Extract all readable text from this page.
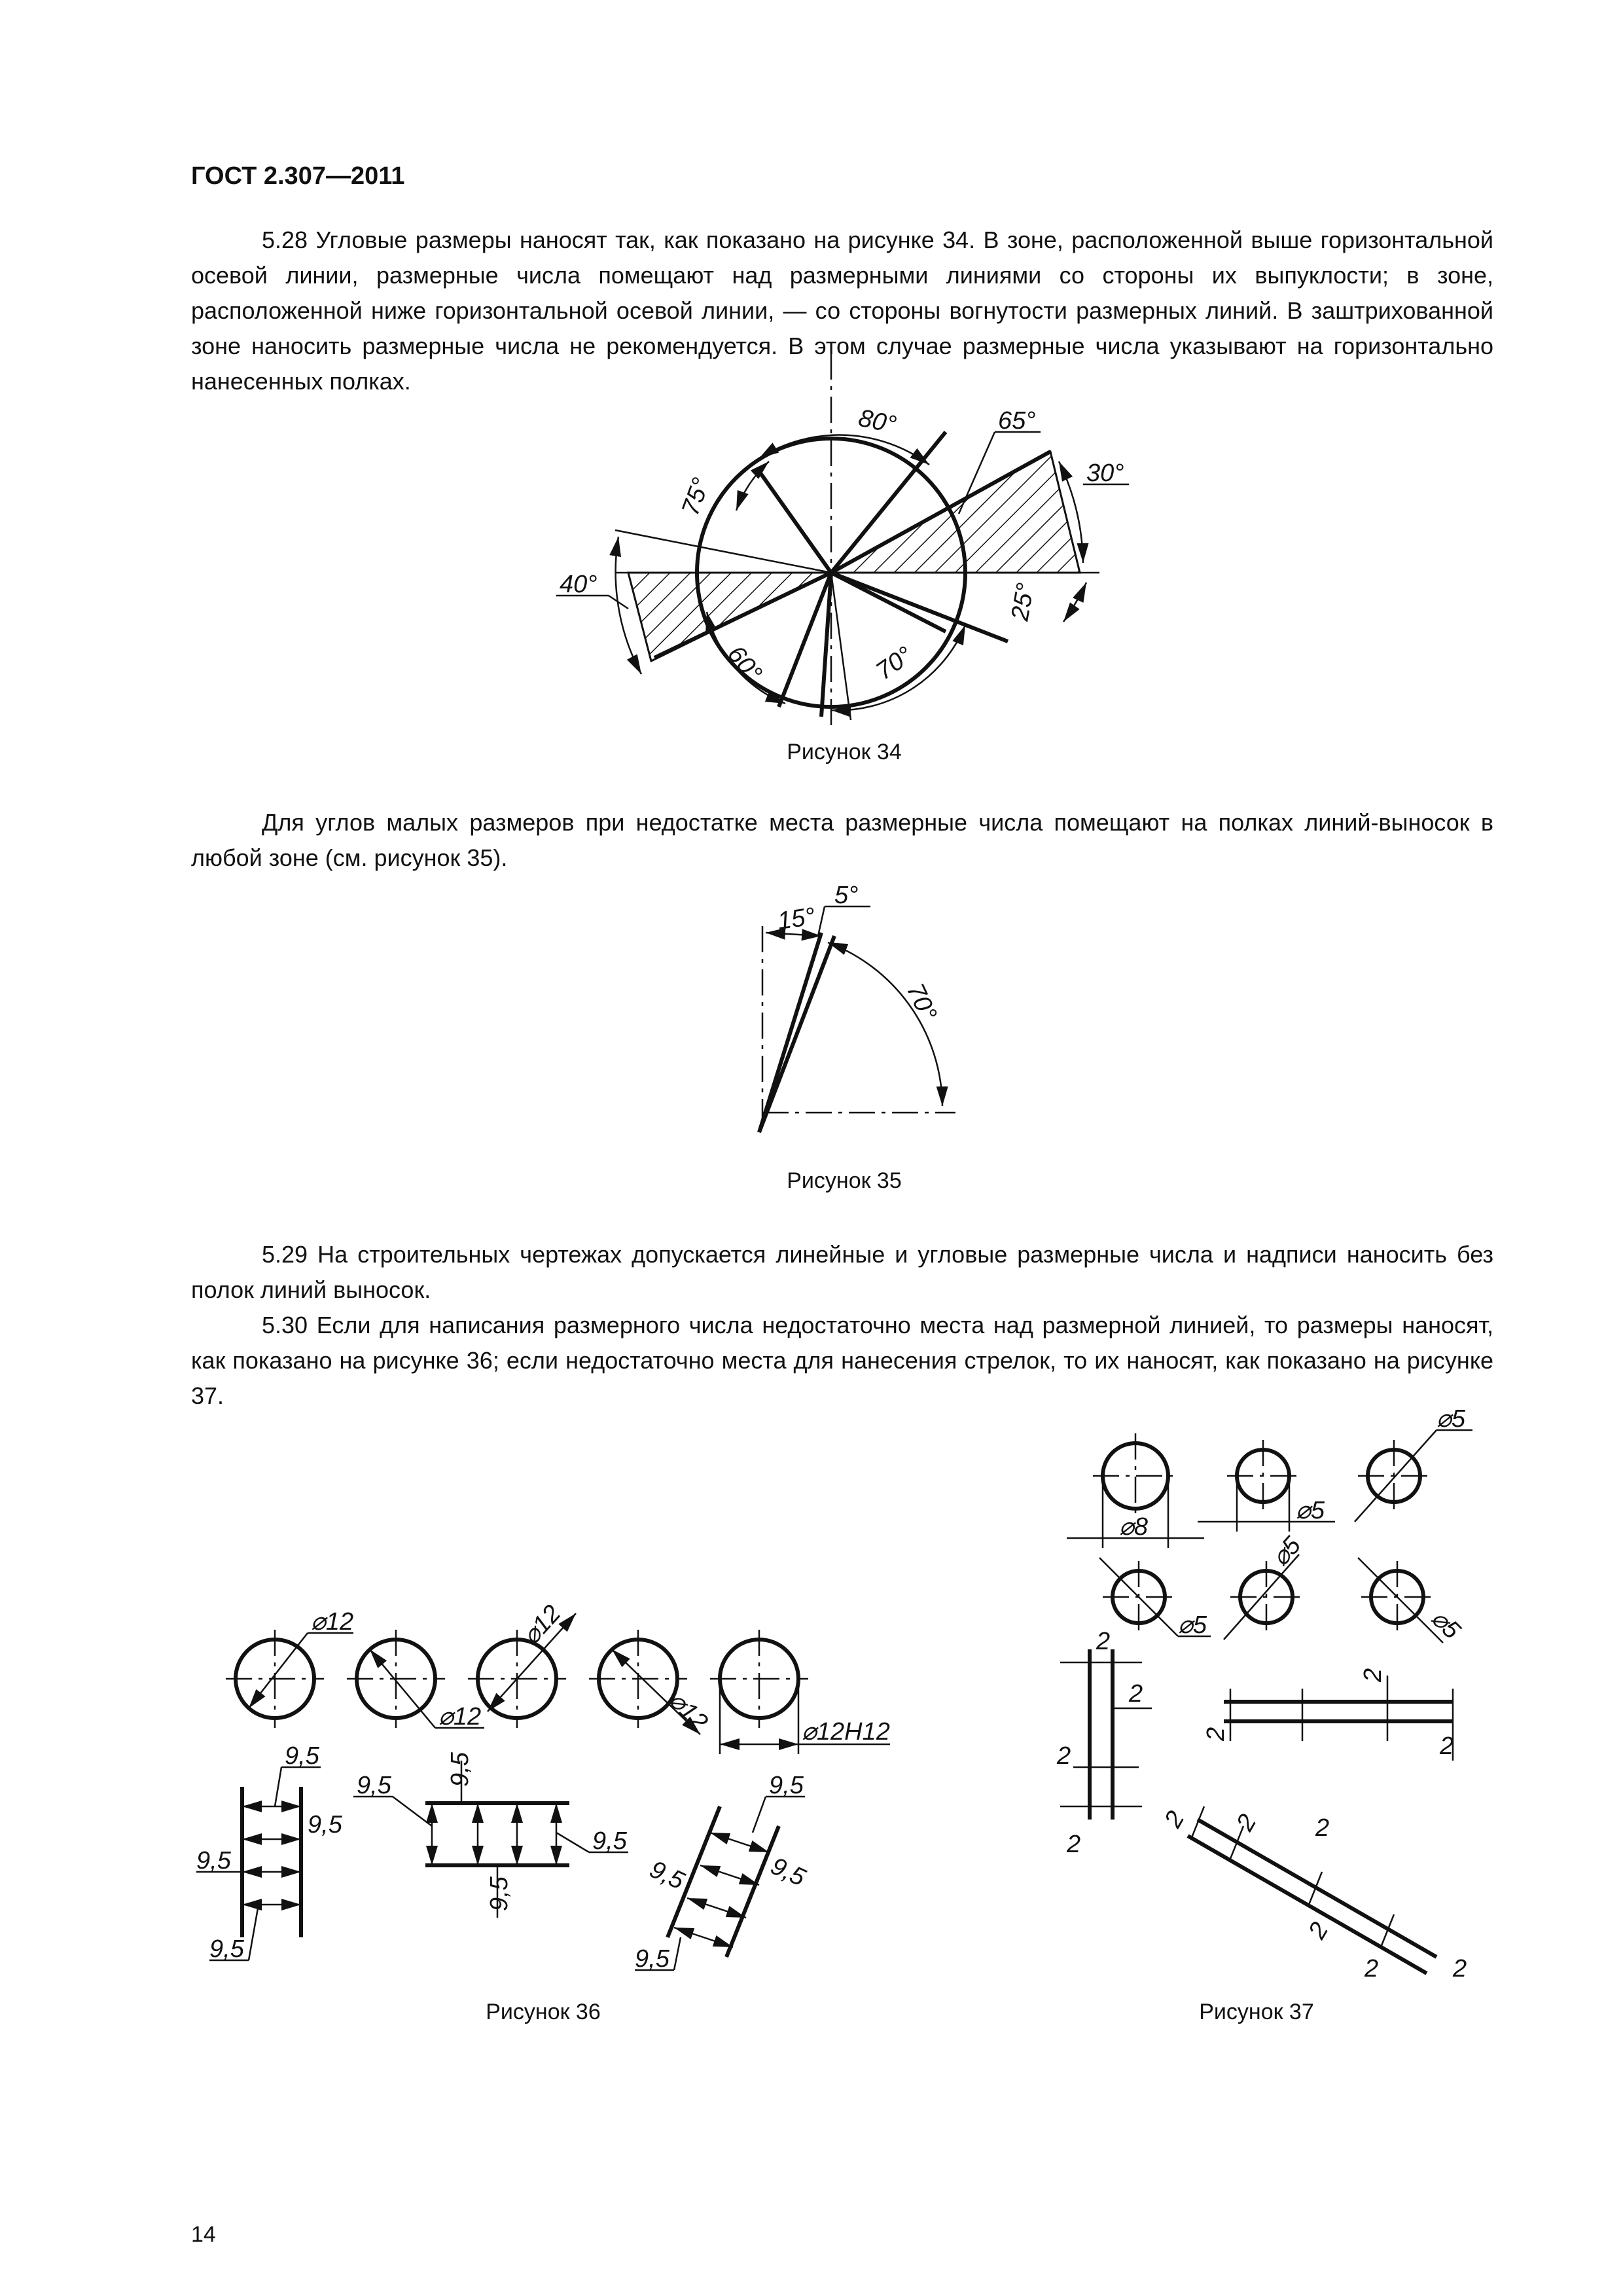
ГОСТ 2.307—2011

5.28 Угловые размеры наносят так, как показано на рисунке 34. В зоне, расположенной выше горизонтальной осевой линии, размерные числа помещают над размерными линиями со стороны их выпуклости; в зоне, расположенной ниже горизонтальной осевой линии, — со стороны вогнутости размерных линий. В заштрихованной зоне наносить размерные числа не рекомендуется. В этом случае размерные числа указывают на горизонтально нанесенных полках.

Для углов малых размеров при недостатке места размерные числа помещают на полках линий-выносок в любой зоне (см. рисунок 35).

5.29 На строительных чертежах допускается линейные и угловые размерные числа и надписи наносить без полок линий выносок.

5.30 Если для написания размерного числа недостаточно места над размерной линией, то размеры наносят, как показано на рисунке 36; если недостаточно места для нанесения стрелок, то их наносят, как показано на рисунке 37.

80°	65°
30°
75°
40°
60°	70°
25°
Рисунок 34
15°
5°
70°
Рисунок 35
⌀12
⌀12
⌀12
⌀12	⌀12H12
9,5
9,5
9,5
9,5
9,5
9,5
9,5
9,5
9,5
9,5	9,5
9,5
Рисунок 36
⌀8
⌀5
⌀5
⌀5
⌀5
⌀5
2
2
2
2
2
2
2
2 2 2
2
2	2
Рисунок 37
14
